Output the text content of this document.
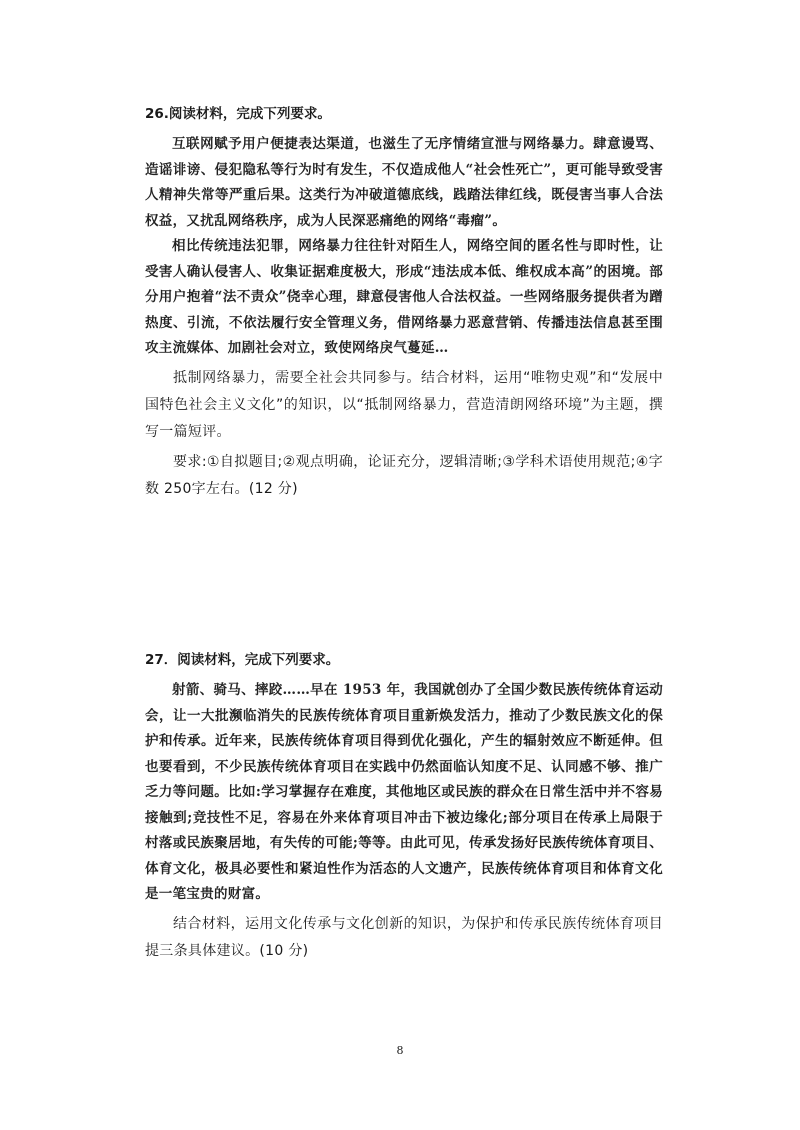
26.阅读材料，完成下列要求。

互联网赋予用户便捷表达渠道，也滋生了无序情绪宣泄与网络暴力。肆意谩骂、造谣诽谤、侵犯隐私等行为时有发生，不仅造成他人“社会性死亡”，更可能导致受害人精神失常等严重后果。这类行为冲破道德底线，践踏法律红线，既侵害当事人合法权益，又扰乱网络秩序，成为人民深恶痛绝的网络“毒瘤”。

相比传统违法犯罪，网络暴力往往针对陌生人，网络空间的匿名性与即时性，让受害人确认侵害人、收集证据难度极大，形成“违法成本低、维权成本高”的困境。部分用户抱着“法不责众”侥幸心理，肆意侵害他人合法权益。一些网络服务提供者为蹭热度、引流，不依法履行安全管理义务，借网络暴力恶意营销、传播违法信息甚至围攻主流媒体、加剧社会对立，致使网络戾气蔓延…

抵制网络暴力，需要全社会共同参与。结合材料，运用“唯物史观”和“发展中国特色社会主义文化”的知识，以“抵制网络暴力，营造清朗网络环境”为主题，撰写一篇短评。

要求:①自拟题目;②观点明确，论证充分，逻辑清晰;③学科术语使用规范;④字数 250字左右。(12 分)

27．阅读材料，完成下列要求。

射箭、骑马、摔跤……早在 1953 年，我国就创办了全国少数民族传统体育运动会，让一大批濒临消失的民族传统体育项目重新焕发活力，推动了少数民族文化的保护和传承。近年来，民族传统体育项目得到优化强化，产生的辐射效应不断延伸。但也要看到，不少民族传统体育项目在实践中仍然面临认知度不足、认同感不够、推广乏力等问题。比如:学习掌握存在难度，其他地区或民族的群众在日常生活中并不容易接触到;竞技性不足，容易在外来体育项目冲击下被边缘化;部分项目在传承上局限于村落或民族聚居地，有失传的可能;等等。由此可见，传承发扬好民族传统体育项目、体育文化，极具必要性和紧迫性作为活态的人文遗产，民族传统体育项目和体育文化是一笔宝贵的财富。

结合材料，运用文化传承与文化创新的知识，为保护和传承民族传统体育项目提三条具体建议。(10 分)

8
